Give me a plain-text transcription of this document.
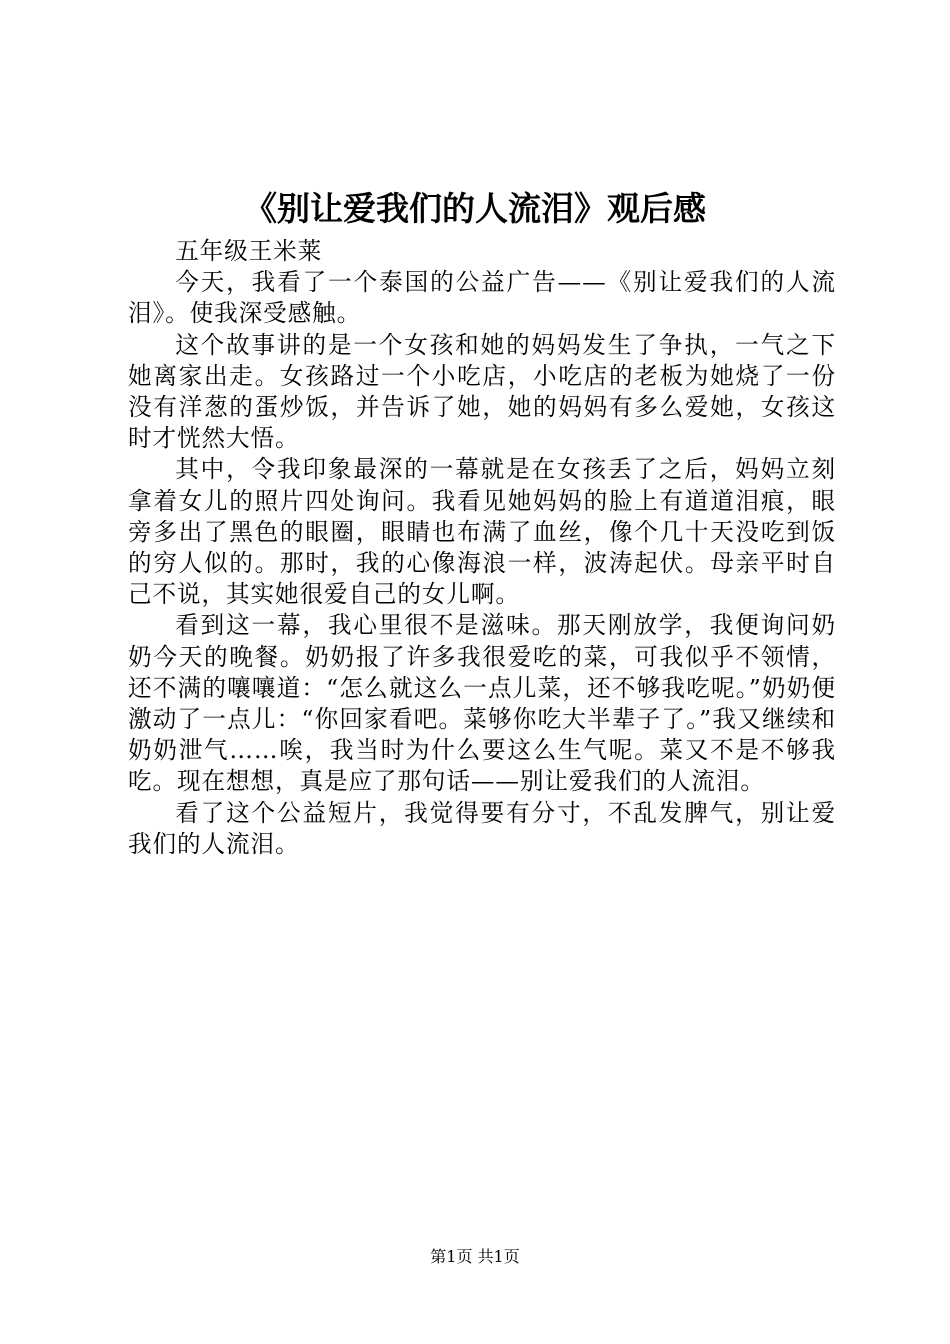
《别让爱我们的人流泪》观后感

五年级王米莱

今天，我看了一个泰国的公益广告——《别让爱我们的人流泪》。使我深受感触。

这个故事讲的是一个女孩和她的妈妈发生了争执，一气之下她离家出走。女孩路过一个小吃店，小吃店的老板为她烧了一份没有洋葱的蛋炒饭，并告诉了她，她的妈妈有多么爱她，女孩这时才恍然大悟。

其中，令我印象最深的一幕就是在女孩丢了之后，妈妈立刻拿着女儿的照片四处询问。我看见她妈妈的脸上有道道泪痕，眼旁多出了黑色的眼圈，眼睛也布满了血丝，像个几十天没吃到饭的穷人似的。那时，我的心像海浪一样，波涛起伏。母亲平时自己不说，其实她很爱自己的女儿啊。

看到这一幕，我心里很不是滋味。那天刚放学，我便询问奶奶今天的晚餐。奶奶报了许多我很爱吃的菜，可我似乎不领情，还不满的嚷嚷道：“怎么就这么一点儿菜，还不够我吃呢。”奶奶便激动了一点儿：“你回家看吧。菜够你吃大半辈子了。”我又继续和奶奶泄气……唉，我当时为什么要这么生气呢。菜又不是不够我吃。现在想想，真是应了那句话——别让爱我们的人流泪。

看了这个公益短片，我觉得要有分寸，不乱发脾气，别让爱我们的人流泪。

第1页 共1页
